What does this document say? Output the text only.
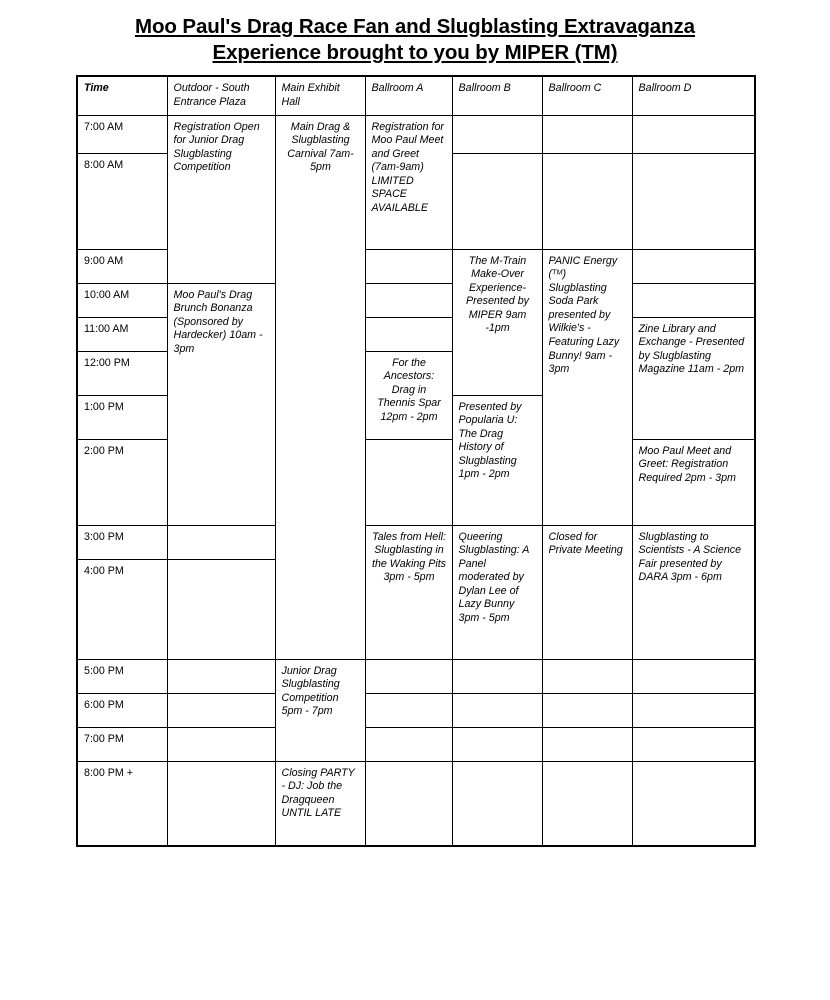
Moo Paul's Drag Race Fan and Slugblasting Extravaganza
Experience brought to you by MIPER (TM)
Time	Outdoor - South Entrance Plaza	Main Exhibit Hall	Ballroom A	Ballroom B	Ballroom C	Ballroom D
7:00 AM	Registration Open for Junior Drag Slugblasting Competition	Main Drag & Slugblasting Carnival 7am-5pm	Registration for Moo Paul Meet and Greet (7am-9am) LIMITED SPACE AVAILABLE			
8:00 AM						
9:00 AM				The M-Train Make-Over Experience- Presented by MIPER 9am -1pm	PANIC Energy (™) Slugblasting Soda Park presented by Wilkie's - Featuring Lazy Bunny! 9am - 3pm	
10:00 AM	Moo Paul's Drag Brunch Bonanza (Sponsored by Hardecker) 10am - 3pm					
11:00 AM						Zine Library and Exchange - Presented by Slugblasting Magazine 11am - 2pm
12:00 PM			For the Ancestors: Drag in Thennis Spar 12pm - 2pm			
1:00 PM				Presented by Popularia U: The Drag History of Slugblasting 1pm - 2pm		
2:00 PM						Moo Paul Meet and Greet: Registration Required 2pm - 3pm
3:00 PM			Tales from Hell: Slugblasting in the Waking Pits 3pm - 5pm	Queering Slugblasting: A Panel moderated by Dylan Lee of Lazy Bunny 3pm - 5pm	Closed for Private Meeting	Slugblasting to Scientists - A Science Fair presented by DARA 3pm - 6pm
4:00 PM						
5:00 PM		Junior Drag Slugblasting Competition 5pm - 7pm				
6:00 PM						
7:00 PM						
8:00 PM +		Closing PARTY - DJ: Job the Dragqueen UNTIL LATE				
